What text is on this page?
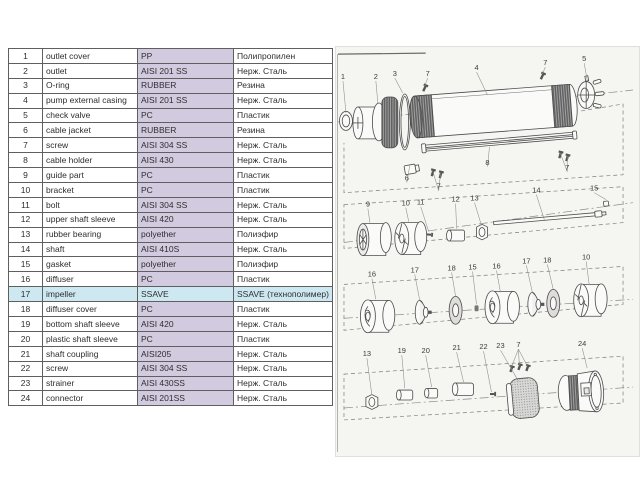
1	outlet cover	PP	Полипропилен
2	outlet	AISI 201 SS	Нерж. Сталь
3	O-ring	RUBBER	Резина
4	pump external casing	AISI 201 SS	Нерж. Сталь
5	check valve	PC	Пластик
6	cable jacket	RUBBER	Резина
7	screw	AISI 304 SS	Нерж. Сталь
8	cable holder	AISI 430	Нерж. Сталь
9	guide part	PC	Пластик
10	bracket	PC	Пластик
11	bolt	AISI 304 SS	Нерж. Сталь
12	upper shaft sleeve	AISI 420	Нерж. Сталь
13	rubber bearing	polyether	Полиэфир
14	shaft	AISI 410S	Нерж. Сталь
15	gasket	polyether	Полиэфир
16	diffuser	PC	Пластик
17	impeller	SSAVE	SSAVE (технополимер)
18	diffuser cover	PC	Пластик
19	bottom shaft sleeve	AISI 420	Нерж. Сталь
20	plastic shaft sleeve	PC	Пластик
21	shaft coupling	AISI205	Нерж. Сталь
22	screw	AISI 304 SS	Нерж. Сталь
23	strainer	AISI 430SS	Нерж. Сталь
24	connector	AISI 201SS	Нерж. Сталь
1	2 3	7
4
7	5
6
7
8
7
9	10 11	12 13
14	15
16	17	18 15 16
17 18	10
13	19 20	21 22 23 7	24
